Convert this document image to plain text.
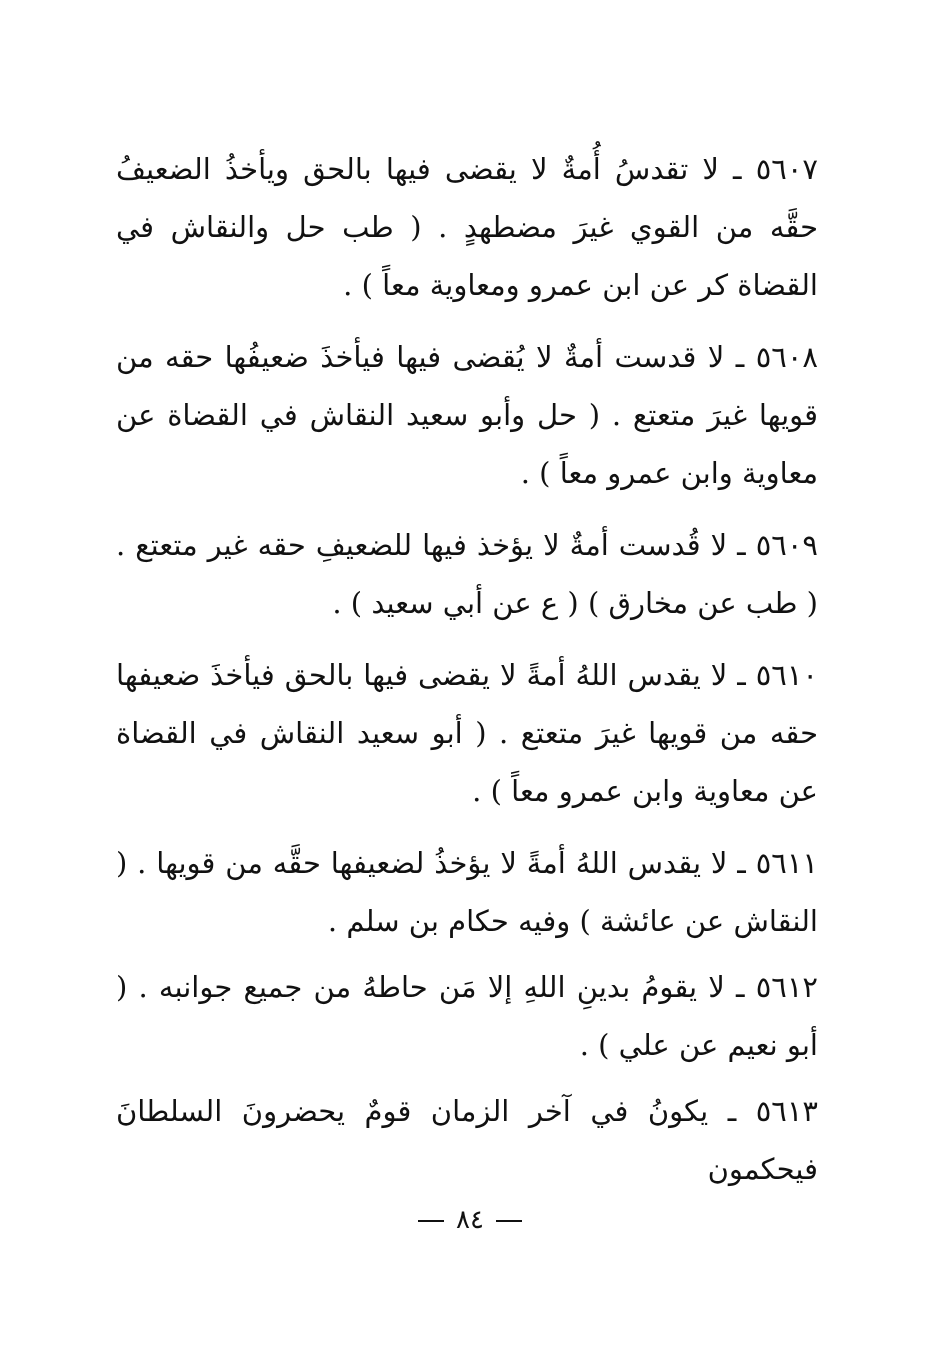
٥٦٠٧ ـ لا تقدسُ أُمةٌ لا يقضى فيها بالحق ويأخذُ الضعيفُ حقَّه من القوي غيرَ مضطهدٍ . ( طب حل والنقاش في القضاة كر عن ابن عمرو ومعاوية معاً ) .

٥٦٠٨ ـ لا قدست أمةٌ لا يُقضى فيها فيأخذَ ضعيفُها حقه من قويها غيرَ متعتع . ( حل وأبو سعيد النقاش في القضاة عن معاوية وابن عمرو معاً ) .

٥٦٠٩ ـ لا قُدست أمةٌ لا يؤخذ فيها للضعيفِ حقه غير متعتع . ( طب عن مخارق ) ( ع عن أبي سعيد ) .

٥٦١٠ ـ لا يقدس اللهُ أمةً لا يقضى فيها بالحق فيأخذَ ضعيفها حقه من قويها غيرَ متعتع . ( أبو سعيد النقاش في القضاة عن معاوية وابن عمرو معاً ) .

٥٦١١ ـ لا يقدس اللهُ أمةً لا يؤخذُ لضعيفها حقَّه من قويها . ( النقاش عن عائشة ) وفيه حكام بن سلم .

٥٦١٢ ـ لا يقومُ بدينِ اللهِ إلا مَن حاطهُ من جميع جوانبه . ( أبو نعيم عن علي ) .

٥٦١٣ ـ يكونُ في آخر الزمان قومٌ يحضرونَ السلطانَ فيحكمون

٨٤
